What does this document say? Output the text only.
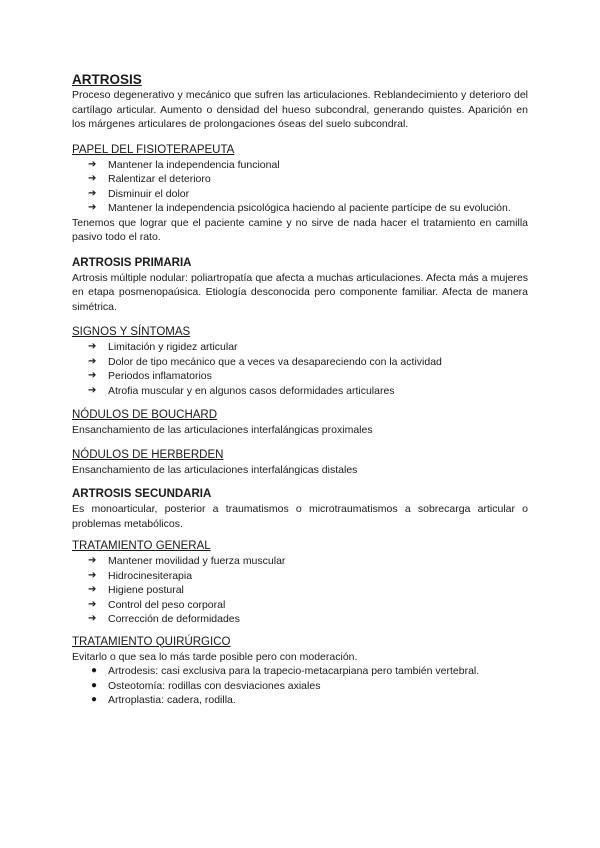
ARTROSIS

Proceso degenerativo y mecánico que sufren las articulaciones. Reblandecimiento y deterioro del cartílago articular. Aumento o densidad del hueso subcondral, generando quistes. Aparición en los márgenes articulares de prolongaciones óseas del suelo subcondral.

PAPEL DEL FISIOTERAPEUTA
➔ Mantener la independencia funcional
➔ Ralentizar el deterioro
➔ Disminuir el dolor
➔ Mantener la independencia psicológica haciendo al paciente partícipe de su evolución.

Tenemos que lograr que el paciente camine y no sirve de nada hacer el tratamiento en camilla pasivo todo el rato.

ARTROSIS PRIMARIA

Artrosis múltiple nodular: poliartropatía que afecta a muchas articulaciones. Afecta más a mujeres en etapa posmenopaúsica. Etiología desconocida pero componente familiar. Afecta de manera simétrica.

SIGNOS Y SÍNTOMAS
➔ Limitación y rigidez articular
➔ Dolor de tipo mecánico que a veces va desapareciendo con la actividad
➔ Periodos inflamatorios
➔ Atrofia muscular y en algunos casos deformidades articulares
NÓDULOS DE BOUCHARD

Ensanchamiento de las articulaciones interfalángicas proximales

NÓDULOS DE HERBERDEN

Ensanchamiento de las articulaciones interfalángicas distales

ARTROSIS SECUNDARIA

Es monoarticular, posterior a traumatismos o microtraumatismos a sobrecarga articular o problemas metabólicos.

TRATAMIENTO GENERAL
➔ Mantener movilidad y fuerza muscular
➔ Hidrocinesiterapia
➔ Higiene postural
➔ Control del peso corporal
➔ Corrección de deformidades
TRATAMIENTO QUIRÚRGICO

Evitarlo o que sea lo más tarde posible pero con moderación.

● Artrodesis: casi exclusiva para la trapecio-metacarpiana pero también vertebral.
● Osteotomía: rodillas con desviaciones axiales
● Artroplastia: cadera, rodilla.
